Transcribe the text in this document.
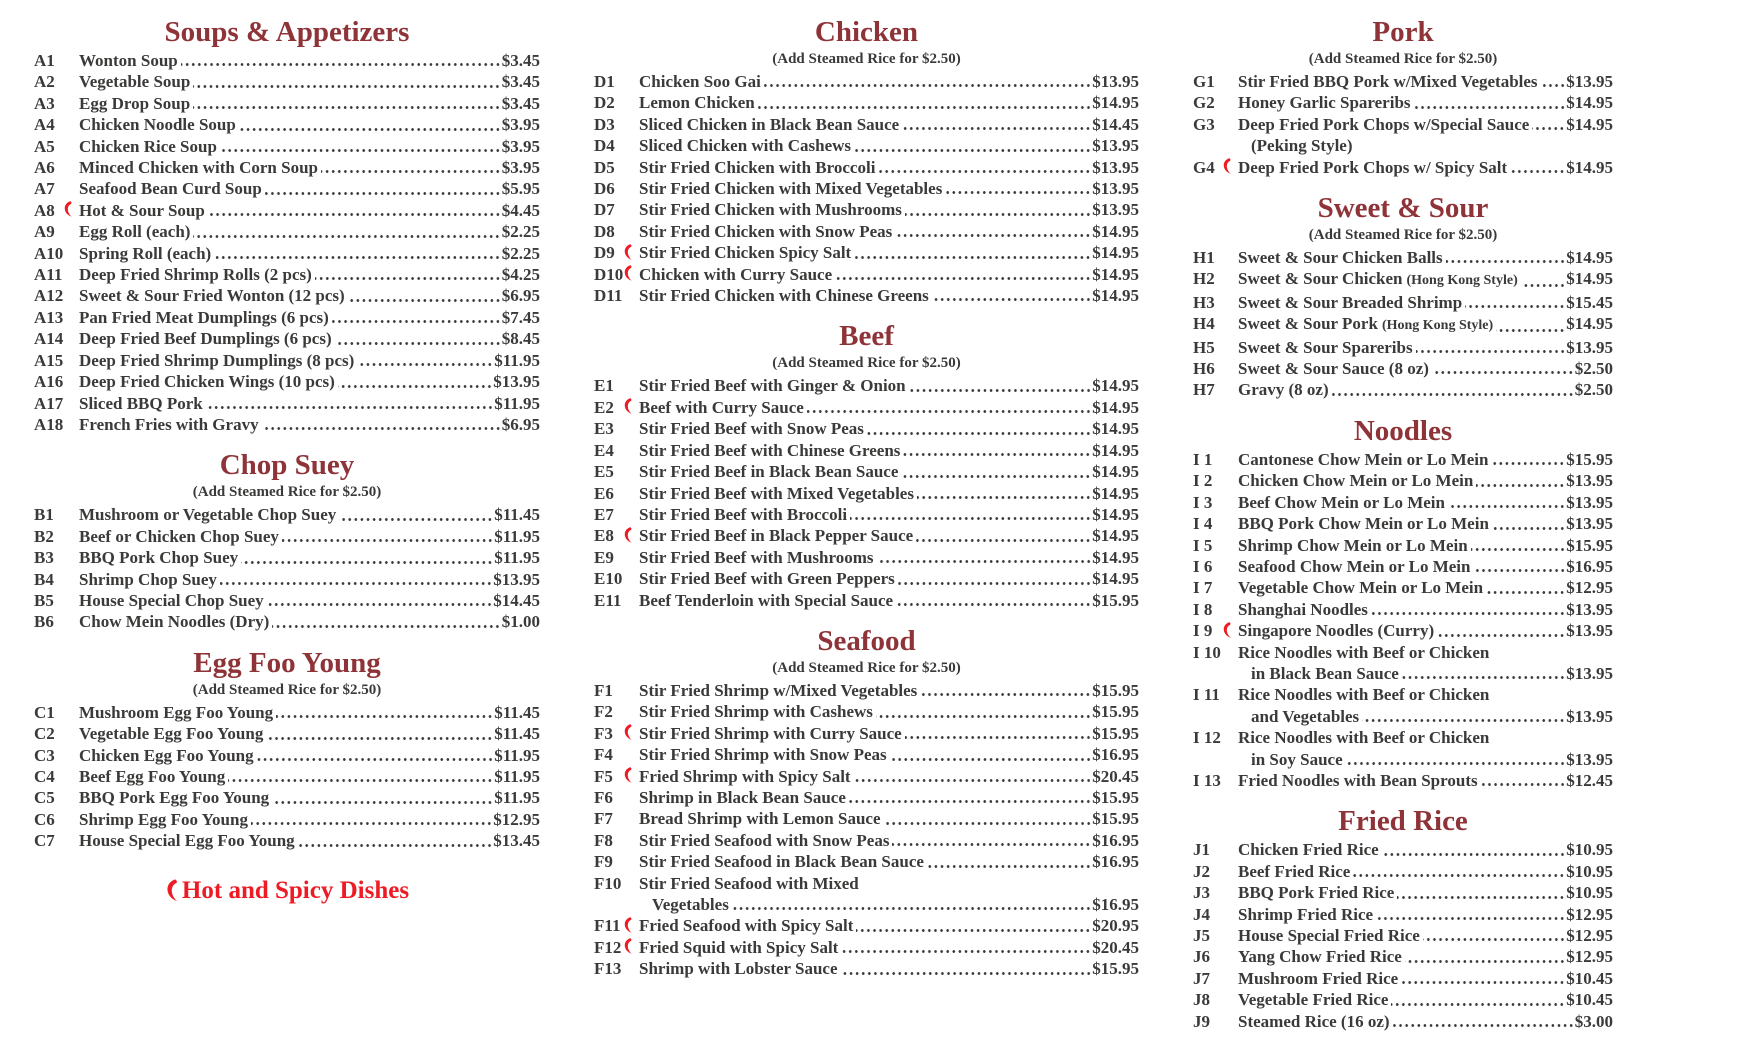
Soups & Appetizers
A1	Wonton Soup	$3.45
A2	Vegetable Soup	$3.45
A3	Egg Drop Soup	$3.45
A4	Chicken Noodle Soup	$3.95
A5	Chicken Rice Soup	$3.95
A6	Minced Chicken with Corn Soup	$3.95
A7	Seafood Bean Curd Soup	$5.95
A8	Hot & Sour Soup	$4.45
A9	Egg Roll (each)	$2.25
A10 Spring Roll (each)	$2.25
A11 Deep Fried Shrimp Rolls (2 pcs)	$4.25
A12 Sweet & Sour Fried Wonton (12 pcs)	$6.95
A13 Pan Fried Meat Dumplings (6 pcs)	$7.45
A14 Deep Fried Beef Dumplings (6 pcs)	$8.45
A15 Deep Fried Shrimp Dumplings (8 pcs)	$11.95
A16 Deep Fried Chicken Wings (10 pcs)	$13.95
A17 Sliced BBQ Pork	$11.95
A18 French Fries with Gravy	$6.95
Chop Suey
(Add Steamed Rice for $2.50)
B1	Mushroom or Vegetable Chop Suey	$11.45
B2	Beef or Chicken Chop Suey	$11.95
B3	BBQ Pork Chop Suey	$11.95
B4	Shrimp Chop Suey	$13.95
B5	House Special Chop Suey	$14.45
B6	Chow Mein Noodles (Dry)	$1.00
Egg Foo Young
(Add Steamed Rice for $2.50)
C1	Mushroom Egg Foo Young	$11.45
C2	Vegetable Egg Foo Young	$11.45
C3	Chicken Egg Foo Young	$11.95
C4	Beef Egg Foo Young	$11.95
C5	BBQ Pork Egg Foo Young	$11.95
C6	Shrimp Egg Foo Young	$12.95
C7	House Special Egg Foo Young	$13.45
Hot and Spicy Dishes
Chicken
(Add Steamed Rice for $2.50)
D1	Chicken Soo Gai	$13.95
D2	Lemon Chicken	$14.95
D3	Sliced Chicken in Black Bean Sauce	$14.45
D4	Sliced Chicken with Cashews	$13.95
D5	Stir Fried Chicken with Broccoli	$13.95
D6	Stir Fried Chicken with Mixed Vegetables	$13.95
D7	Stir Fried Chicken with Mushrooms	$13.95
D8	Stir Fried Chicken with Snow Peas	$14.95
D9	Stir Fried Chicken Spicy Salt	$14.95
D10 Chicken with Curry Sauce	$14.95
D11 Stir Fried Chicken with Chinese Greens	$14.95
Beef
(Add Steamed Rice for $2.50)
E1	Stir Fried Beef with Ginger & Onion	$14.95
E2	Beef with Curry Sauce	$14.95
E3	Stir Fried Beef with Snow Peas	$14.95
E4	Stir Fried Beef with Chinese Greens	$14.95
E5	Stir Fried Beef in Black Bean Sauce	$14.95
E6	Stir Fried Beef with Mixed Vegetables	$14.95
E7	Stir Fried Beef with Broccoli	$14.95
E8	Stir Fried Beef in Black Pepper Sauce	$14.95
E9	Stir Fried Beef with Mushrooms	$14.95
E10 Stir Fried Beef with Green Peppers	$14.95
E11	Beef Tenderloin with Special Sauce	$15.95
Seafood
(Add Steamed Rice for $2.50)
F1	Stir Fried Shrimp w/Mixed Vegetables	$15.95
F2	Stir Fried Shrimp with Cashews	$15.95
F3	Stir Fried Shrimp with Curry Sauce	$15.95
F4	Stir Fried Shrimp with Snow Peas	$16.95
F5	Fried Shrimp with Spicy Salt	$20.45
F6	Shrimp in Black Bean Sauce	$15.95
F7	Bread Shrimp with Lemon Sauce	$15.95
F8	Stir Fried Seafood with Snow Peas	$16.95
F9	Stir Fried Seafood in Black Bean Sauce	$16.95
F10	Stir Fried Seafood with Mixed
Vegetables	$16.95
F11	Fried Seafood with Spicy Salt	$20.95
F12	Fried Squid with Spicy Salt	$20.45
F13	Shrimp with Lobster Sauce	$15.95
Pork
(Add Steamed Rice for $2.50)
G1	Stir Fried BBQ Pork w/Mixed Vegetables $13.95
G2	Honey Garlic Spareribs	$14.95
G3	Deep Fried Pork Chops w/Special Sauce $14.95
(Peking Style)
G4	Deep Fried Pork Chops w/ Spicy Salt	$14.95
Sweet & Sour
(Add Steamed Rice for $2.50)
H1	Sweet & Sour Chicken Balls	$14.95
H2	Sweet & Sour Chicken (Hong Kong Style)	$14.95
H3	Sweet & Sour Breaded Shrimp	$15.45
H4	Sweet & Sour Pork (Hong Kong Style)	$14.95
H5	Sweet & Sour Spareribs	$13.95
H6	Sweet & Sour Sauce (8 oz)	$2.50
H7	Gravy (8 oz)	$2.50
Noodles
I 1	Cantonese Chow Mein or Lo Mein	$15.95
I 2	Chicken Chow Mein or Lo Mein	$13.95
I 3	Beef Chow Mein or Lo Mein	$13.95
I 4	BBQ Pork Chow Mein or Lo Mein	$13.95
I 5	Shrimp Chow Mein or Lo Mein	$15.95
I 6	Seafood Chow Mein or Lo Mein	$16.95
I 7	Vegetable Chow Mein or Lo Mein	$12.95
I 8	Shanghai Noodles	$13.95
I 9	Singapore Noodles (Curry)	$13.95
I 10	Rice Noodles with Beef or Chicken
in Black Bean Sauce	$13.95
I 11	Rice Noodles with Beef or Chicken
and Vegetables	$13.95
I 12	Rice Noodles with Beef or Chicken
in Soy Sauce	$13.95
I 13	Fried Noodles with Bean Sprouts	$12.45
Fried Rice
J1	Chicken Fried Rice	$10.95
J2	Beef Fried Rice	$10.95
J3	BBQ Pork Fried Rice	$10.95
J4	Shrimp Fried Rice	$12.95
J5	House Special Fried Rice	$12.95
J6	Yang Chow Fried Rice	$12.95
J7	Mushroom Fried Rice	$10.45
J8	Vegetable Fried Rice	$10.45
J9	Steamed Rice (16 oz)	$3.00
